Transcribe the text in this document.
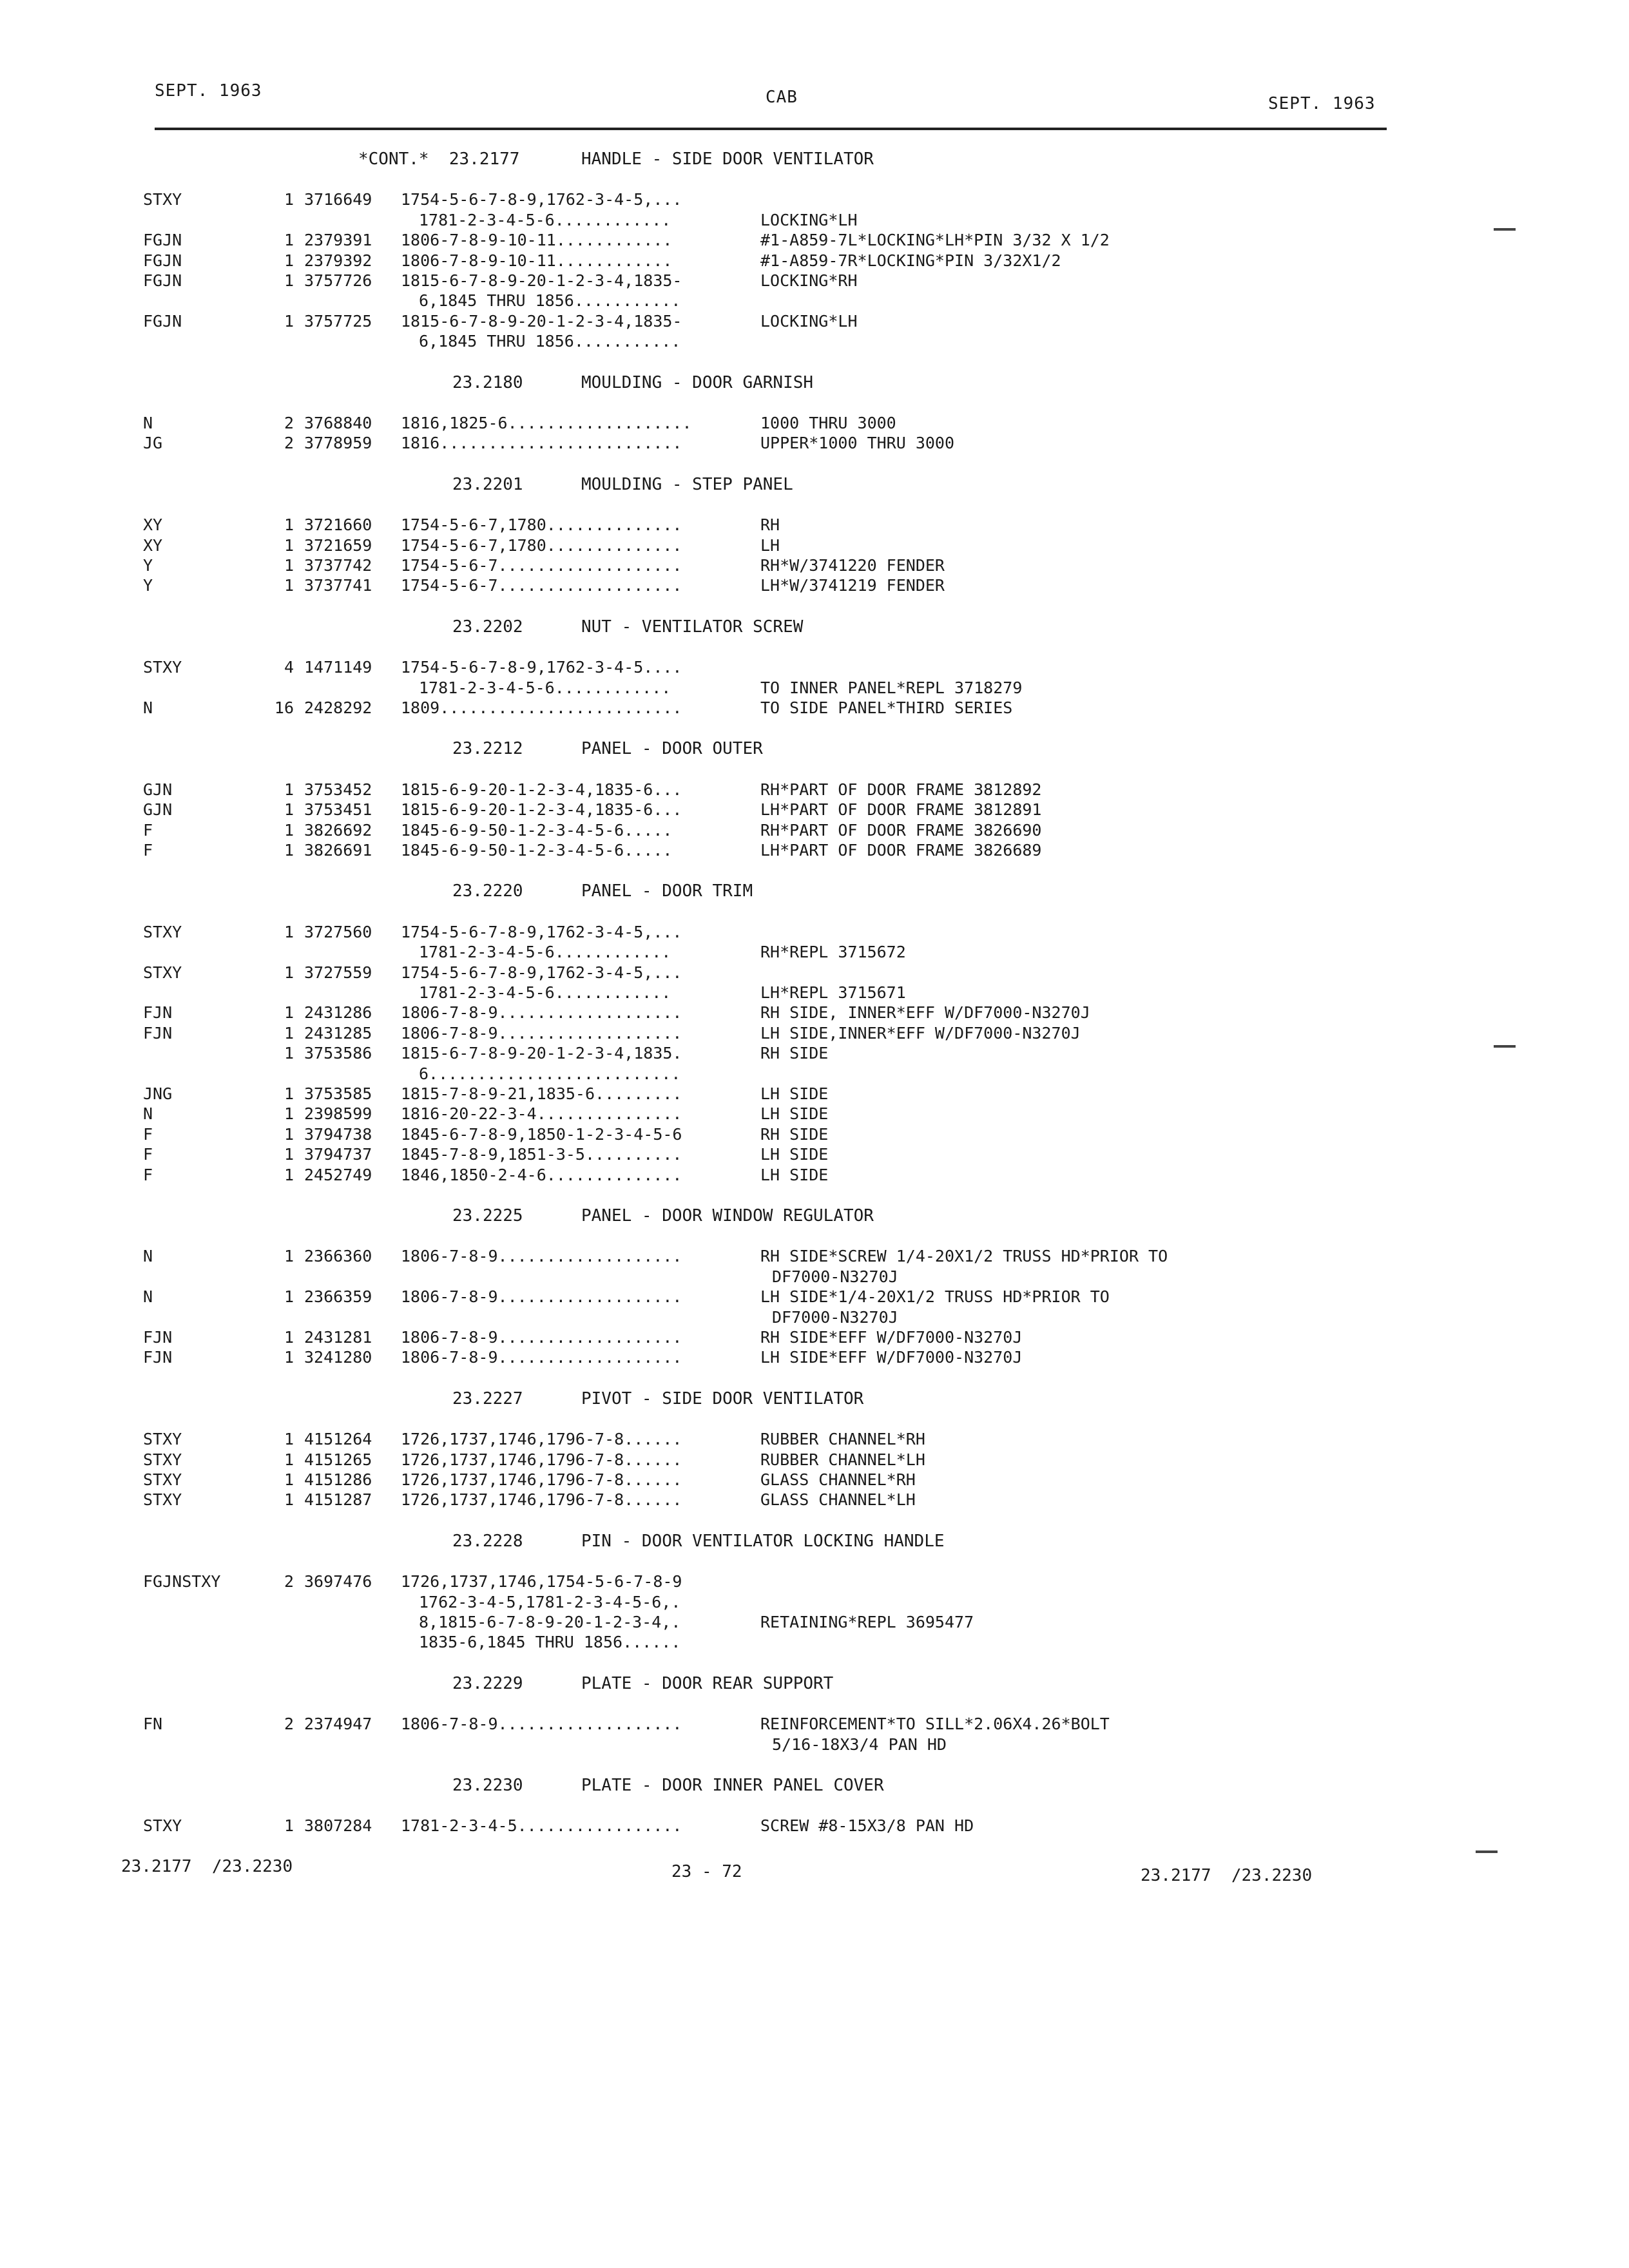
SEPT. 1963	CAB	SEPT. 1963
*CONT.*  23.2177	HANDLE - SIDE DOOR VENTILATOR
STXY	1 3716649 1754-5-6-7-8-9,1762-3-4-5,...
1781-2-3-4-5-6............	LOCKING*LH
FGJN	1 2379391 1806-7-8-9-10-11............	#1-A859-7L*LOCKING*LH*PIN 3/32 X 1/2
FGJN	1 2379392 1806-7-8-9-10-11............	#1-A859-7R*LOCKING*PIN 3/32X1/2
FGJN	1 3757726 1815-6-7-8-9-20-1-2-3-4,1835-	LOCKING*RH
6,1845 THRU 1856...........
FGJN	1 3757725 1815-6-7-8-9-20-1-2-3-4,1835-	LOCKING*LH
6,1845 THRU 1856...........
23.2180	MOULDING - DOOR GARNISH
N	2 3768840 1816,1825-6...................	1000 THRU 3000
JG	2 3778959 1816.........................	UPPER*1000 THRU 3000
23.2201	MOULDING - STEP PANEL
XY	1 3721660 1754-5-6-7,1780..............	RH
XY	1 3721659 1754-5-6-7,1780..............	LH
Y	1 3737742 1754-5-6-7...................	RH*W/3741220 FENDER
Y	1 3737741 1754-5-6-7...................	LH*W/3741219 FENDER
23.2202	NUT - VENTILATOR SCREW
STXY	4 1471149 1754-5-6-7-8-9,1762-3-4-5....
1781-2-3-4-5-6............	TO INNER PANEL*REPL 3718279
N	16 2428292 1809.........................	TO SIDE PANEL*THIRD SERIES
23.2212	PANEL - DOOR OUTER
GJN	1 3753452 1815-6-9-20-1-2-3-4,1835-6...	RH*PART OF DOOR FRAME 3812892
GJN	1 3753451 1815-6-9-20-1-2-3-4,1835-6...	LH*PART OF DOOR FRAME 3812891
F	1 3826692 1845-6-9-50-1-2-3-4-5-6.....	RH*PART OF DOOR FRAME 3826690
F	1 3826691 1845-6-9-50-1-2-3-4-5-6.....	LH*PART OF DOOR FRAME 3826689
23.2220	PANEL - DOOR TRIM
STXY	1 3727560 1754-5-6-7-8-9,1762-3-4-5,...
1781-2-3-4-5-6............	RH*REPL 3715672
STXY	1 3727559 1754-5-6-7-8-9,1762-3-4-5,...
1781-2-3-4-5-6............	LH*REPL 3715671
FJN	1 2431286 1806-7-8-9...................	RH SIDE, INNER*EFF W/DF7000-N3270J
FJN	1 2431285 1806-7-8-9...................	LH SIDE,INNER*EFF W/DF7000-N3270J
1 3753586 1815-6-7-8-9-20-1-2-3-4,1835.	RH SIDE
6..........................
JNG	1 3753585 1815-7-8-9-21,1835-6.........	LH SIDE
N	1 2398599 1816-20-22-3-4...............	LH SIDE
F	1 3794738 1845-6-7-8-9,1850-1-2-3-4-5-6	RH SIDE
F	1 3794737 1845-7-8-9,1851-3-5..........	LH SIDE
F	1 2452749 1846,1850-2-4-6..............	LH SIDE
23.2225	PANEL - DOOR WINDOW REGULATOR
N	1 2366360 1806-7-8-9...................	RH SIDE*SCREW 1/4-20X1/2 TRUSS HD*PRIOR TO
DF7000-N3270J
N	1 2366359 1806-7-8-9...................	LH SIDE*1/4-20X1/2 TRUSS HD*PRIOR TO
DF7000-N3270J
FJN	1 2431281 1806-7-8-9...................	RH SIDE*EFF W/DF7000-N3270J
FJN	1 3241280 1806-7-8-9...................	LH SIDE*EFF W/DF7000-N3270J
23.2227	PIVOT - SIDE DOOR VENTILATOR
STXY	1 4151264 1726,1737,1746,1796-7-8......	RUBBER CHANNEL*RH
STXY	1 4151265 1726,1737,1746,1796-7-8......	RUBBER CHANNEL*LH
STXY	1 4151286 1726,1737,1746,1796-7-8......	GLASS CHANNEL*RH
STXY	1 4151287 1726,1737,1746,1796-7-8......	GLASS CHANNEL*LH
23.2228	PIN - DOOR VENTILATOR LOCKING HANDLE
FGJNSTXY	2 3697476 1726,1737,1746,1754-5-6-7-8-9
1762-3-4-5,1781-2-3-4-5-6,.
8,1815-6-7-8-9-20-1-2-3-4,.	RETAINING*REPL 3695477
1835-6,1845 THRU 1856......
23.2229	PLATE - DOOR REAR SUPPORT
FN	2 2374947 1806-7-8-9...................	REINFORCEMENT*TO SILL*2.06X4.26*BOLT
5/16-18X3/4 PAN HD
23.2230	PLATE - DOOR INNER PANEL COVER
STXY	1 3807284 1781-2-3-4-5.................	SCREW #8-15X3/8 PAN HD
23.2177  /23.2230	23 - 72	23.2177  /23.2230
